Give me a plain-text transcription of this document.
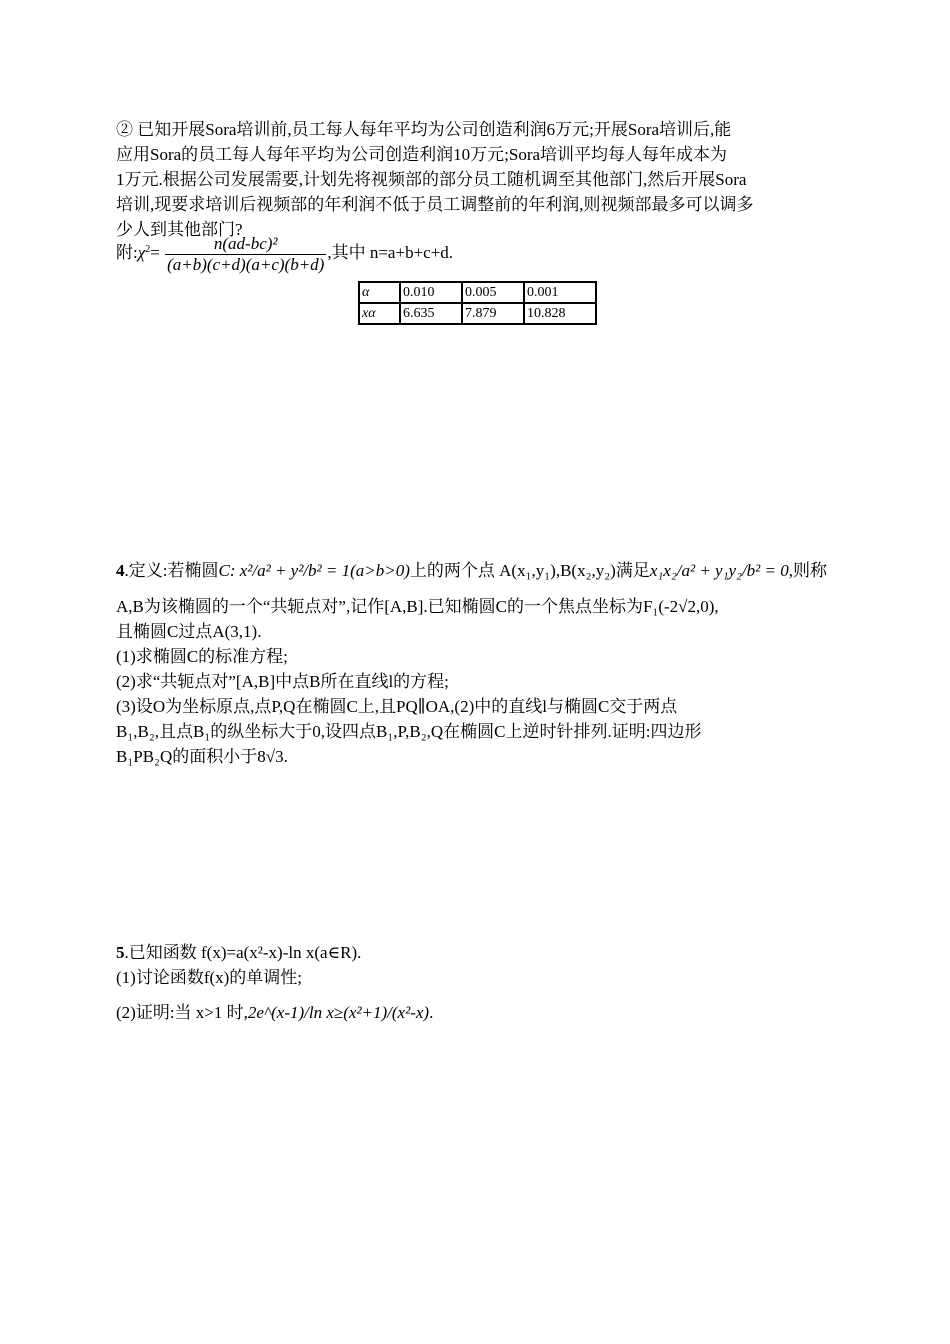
② 已知开展Sora培训前,员工每人每年平均为公司创造利润6万元;开展Sora培训后,能
应用Sora的员工每人每年平均为公司创造利润10万元;Sora培训平均每人每年成本为
1万元.根据公司发展需要,计划先将视频部的部分员工随机调至其他部门,然后开展Sora
培训,现要求培训后视频部的年利润不低于员工调整前的年利润,则视频部最多可以调多
少人到其他部门?
附$:\chi^2= \frac{\text{n(ad-bc)²}}{(a+b)(c+d)(a+c)(b+d)}$ ,其中 n=a+b+c+d.
α	0.010	0.005	0.001
xα	6.635	7.879	10.828
4.定义:若椭圆C: x²/a² + y²/b² = 1(a>b>0)上的两个点 A(x₁,y₁),B(x₂,y₂)满足x₁x₂/a² + y₁y₂/b² = 0,则称
A,B为该椭圆的一个“共轭点对”,记作[A,B].已知椭圆C的一个焦点坐标为F₁(-2√2,0),
且椭圆C过点A(3,1).
(1)求椭圆C的标准方程;
(2)求“共轭点对”[A,B]中点B所在直线l的方程;
(3)设O为坐标原点,点P,Q在椭圆C上,且PQ∥OA,(2)中的直线l与椭圆C交于两点
B₁,B₂,且点B₁的纵坐标大于0,设四点B₁,P,B₂,Q在椭圆C上逆时针排列.证明:四边形
B₁PB₂Q的面积小于8√3.
5.已知函数 f(x)=a(x²-x)-ln x(a∈R).
(1)讨论函数f(x)的单调性;
(2)证明:当 x>1 时,2e^(x-1)/ln x≥(x²+1)/(x²-x).
